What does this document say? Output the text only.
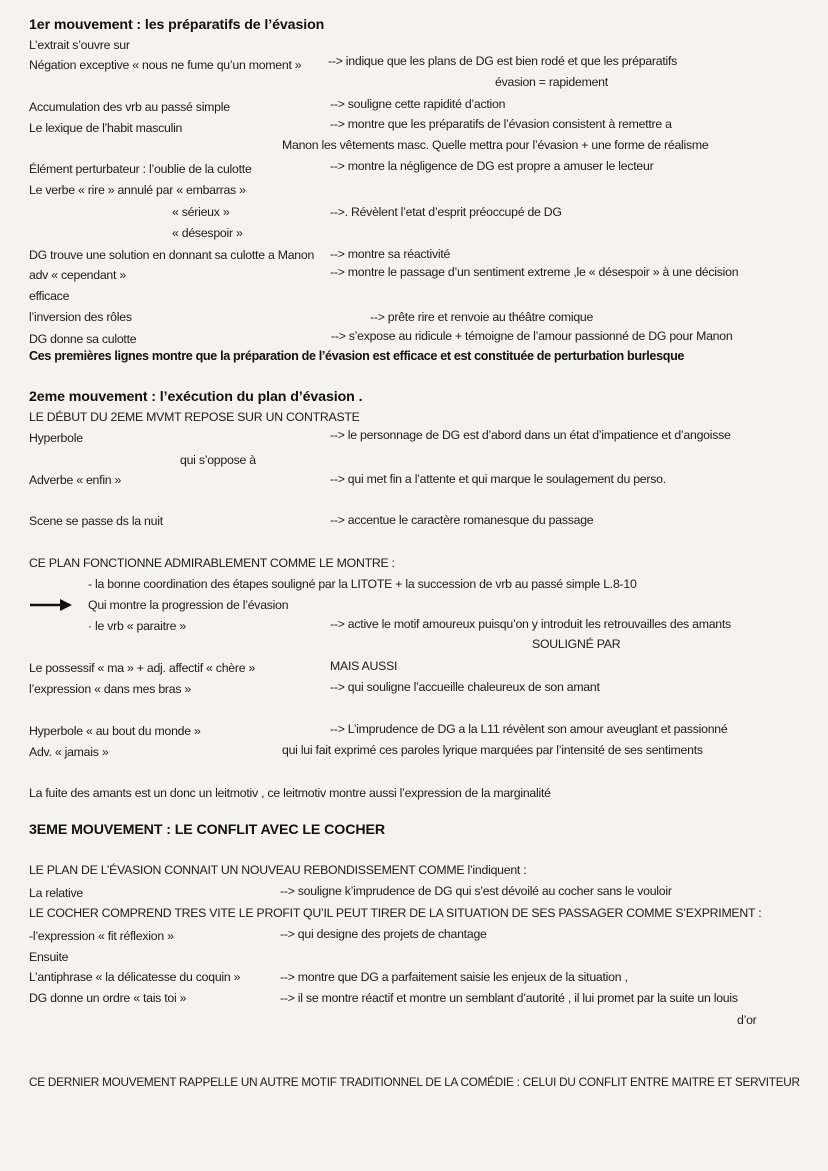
1er mouvement : les préparatifs de l’évasion
L’extrait s’ouvre sur
Négation exceptive « nous ne fume qu’un moment » --> indique que les plans de DG est bien rodé et que les préparatifs
évasion = rapidement
Accumulation des vrb au passé simple	--> souligne cette rapidité d’action
Le lexique de l’habit masculin	--> montre que les préparatifs de l’évasion consistent à remettre a
Manon les vêtements masc. Quelle mettra pour l’évasion + une forme de réalisme
Élément perturbateur : l’oublie de la culotte	--> montre la négligence de DG est propre a amuser le lecteur
Le verbe « rire » annulé par « embarras »
« sérieux »	-->. Révèlent l’etat d’esprit préoccupé de DG
« désespoir »
DG trouve une solution en donnant sa culotte a Manon --> montre sa réactivité
adv « cependant »	--> montre le passage d’un sentiment extreme ,le « désespoir » à une décision
efficace
l’inversion des rôles	--> prête rire et renvoie au théâtre comique
DG donne sa culotte	--> s’expose au ridicule + témoigne de l’amour passionné de DG pour Manon
Ces premières lignes montre que la préparation de l’évasion est efficace et est constituée de perturbation burlesque
2eme mouvement : l’exécution du plan d’évasion .
LE DÉBUT DU 2EME MVMT REPOSE SUR UN CONTRASTE
Hyperbole	--> le personnage de DG est d’abord dans un état d’impatience et d’angoisse
qui s’oppose à
Adverbe « enfin »	--> qui met fin a l’attente et qui marque le soulagement du perso.
Scene se passe ds la nuit	--> accentue le caractère romanesque du passage
CE PLAN FONCTIONNE ADMIRABLEMENT COMME LE MONTRE :
- la bonne coordination des étapes souligné par la LITOTE + la succession de vrb au passé simple L.8-10
Qui montre la progression de l’évasion
· le vrb « paraitre »	--> active le motif amoureux puisqu’on y introduit les retrouvailles des amants
SOULIGNÉ PAR
Le possessif « ma » + adj. affectif « chère »	MAIS AUSSI
l’expression « dans mes bras »	--> qui souligne l’accueille chaleureux de son amant
Hyperbole « au bout du monde »	--> L’imprudence de DG a la L11 révèlent son amour aveuglant et passionné
Adv. « jamais »	qui lui fait exprimé ces paroles lyrique marquées par l’intensité de ses sentiments
La fuite des amants est un donc un leitmotiv , ce leitmotiv montre aussi l’expression de la marginalité
3EME MOUVEMENT : LE CONFLIT AVEC LE COCHER
LE PLAN DE L’ÉVASION CONNAIT UN NOUVEAU REBONDISSEMENT COMME l’indiquent :
La relative	--> souligne k’imprudence de DG qui s’est dévoilé au cocher sans le vouloir
LE COCHER COMPREND TRES VITE LE PROFIT QU’IL PEUT TIRER DE LA SITUATION DE SES PASSAGER COMME S’EXPRIMENT :
-l’expression « fit réflexion »	--> qui designe des projets de chantage
Ensuite
L’antiphrase « la délicatesse du coquin »	--> montre que DG a parfaitement saisie les enjeux de la situation ,
DG donne un ordre « tais toi »	--> il se montre réactif et montre un semblant d’autorité , il lui promet par la suite un louis
d’or
CE DERNIER MOUVEMENT RAPPELLE UN AUTRE MOTIF TRADITIONNEL DE LA COMÉDIE : CELUI DU CONFLIT ENTRE MAITRE ET SERVITEUR
